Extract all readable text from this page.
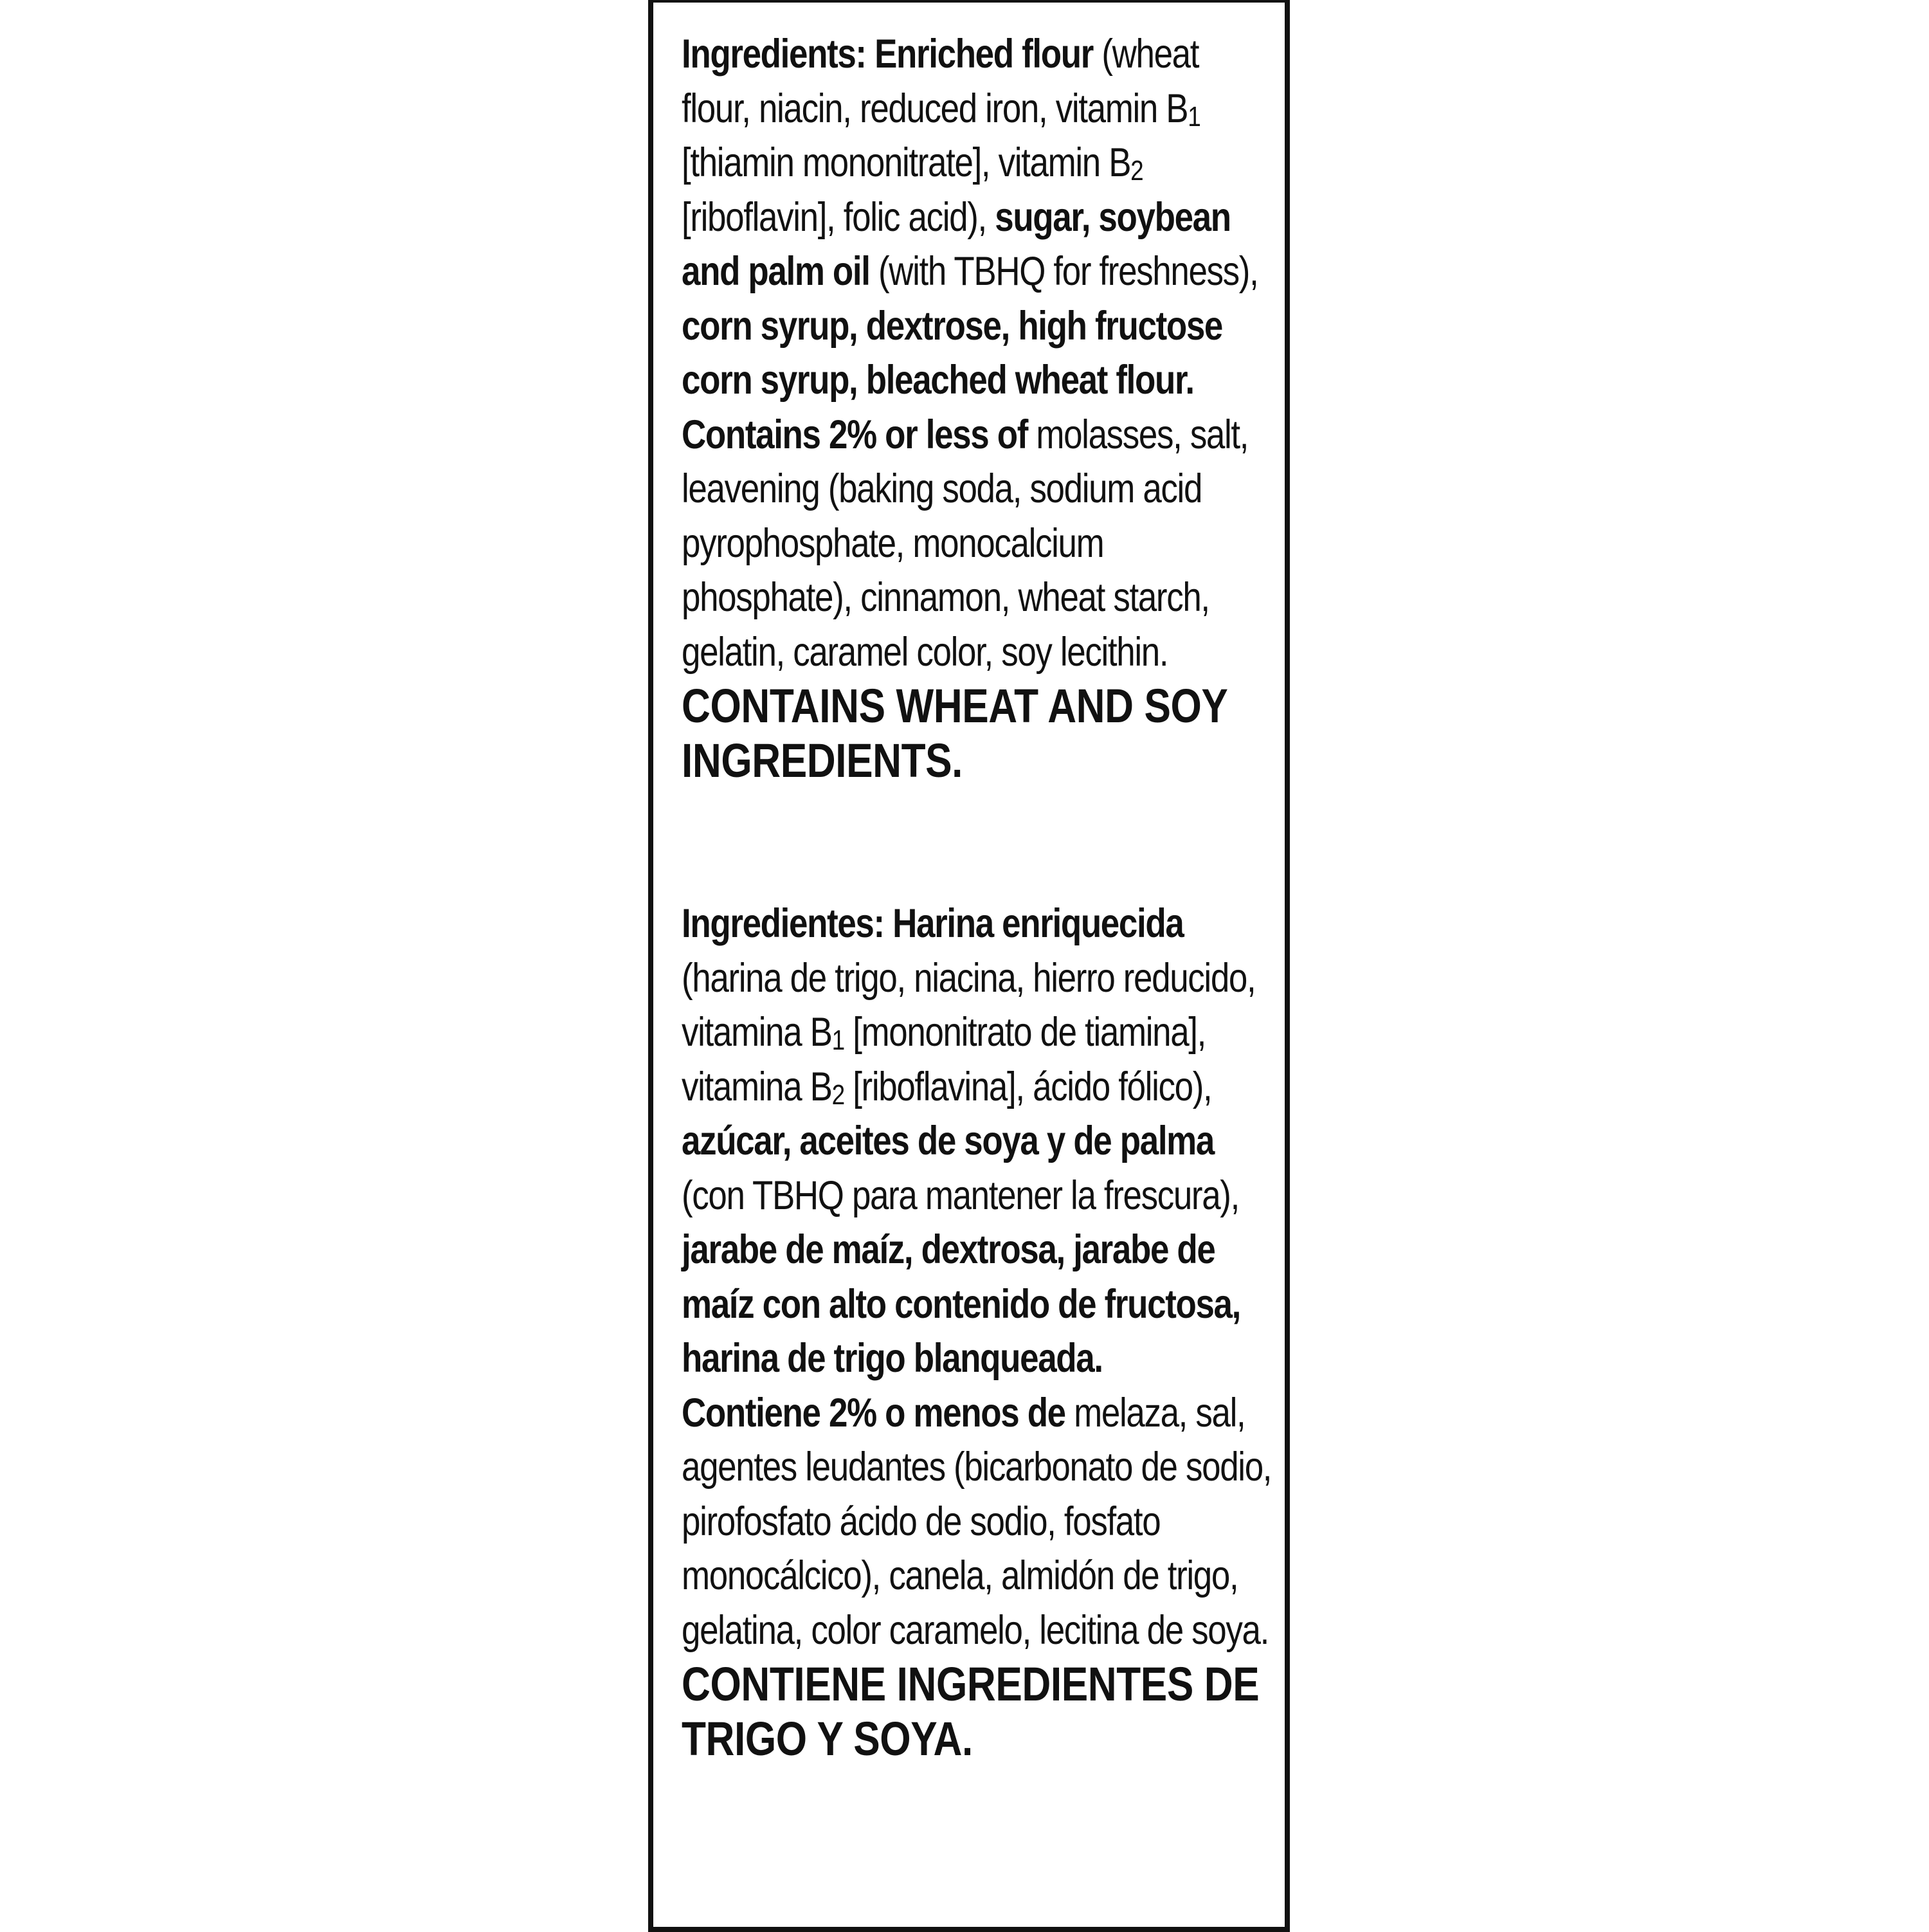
Ingredients: Enriched flour (wheat flour, niacin, reduced iron, vitamin $B_1$ [thiamin mononitrate], vitamin $B_2$ [riboflavin], folic acid), sugar, soybean and palm oil (with TBHQ for freshness), corn syrup, dextrose, high fructose corn syrup, bleached wheat flour.

Contains 2% or less of molasses, salt, leavening (baking soda, sodium acid pyrophosphate, monocalcium phosphate), cinnamon, wheat starch, gelatin, caramel color, soy lecithin.

CONTAINS WHEAT AND SOY INGREDIENTS.

Ingredientes: Harina enriquecida (harina de trigo, niacina, hierro reducido, vitamina $B_1$ [mononitrato de tiamina], vitamina $B_2$ [riboflavina], ácido fólico), azúcar, aceites de soya y de palma (con TBHQ para mantener la frescura), jarabe de maíz, dextrosa, jarabe de maíz con alto contenido de fructosa, harina de trigo blanqueada.

Contiene 2% o menos de melaza, sal, agentes leudantes (bicarbonato de sodio, pirofosfato ácido de sodio, fosfato monocálcico), canela, almidón de trigo, gelatina, color caramelo, lecitina de soya.

CONTIENE INGREDIENTES DE TRIGO Y SOYA.
